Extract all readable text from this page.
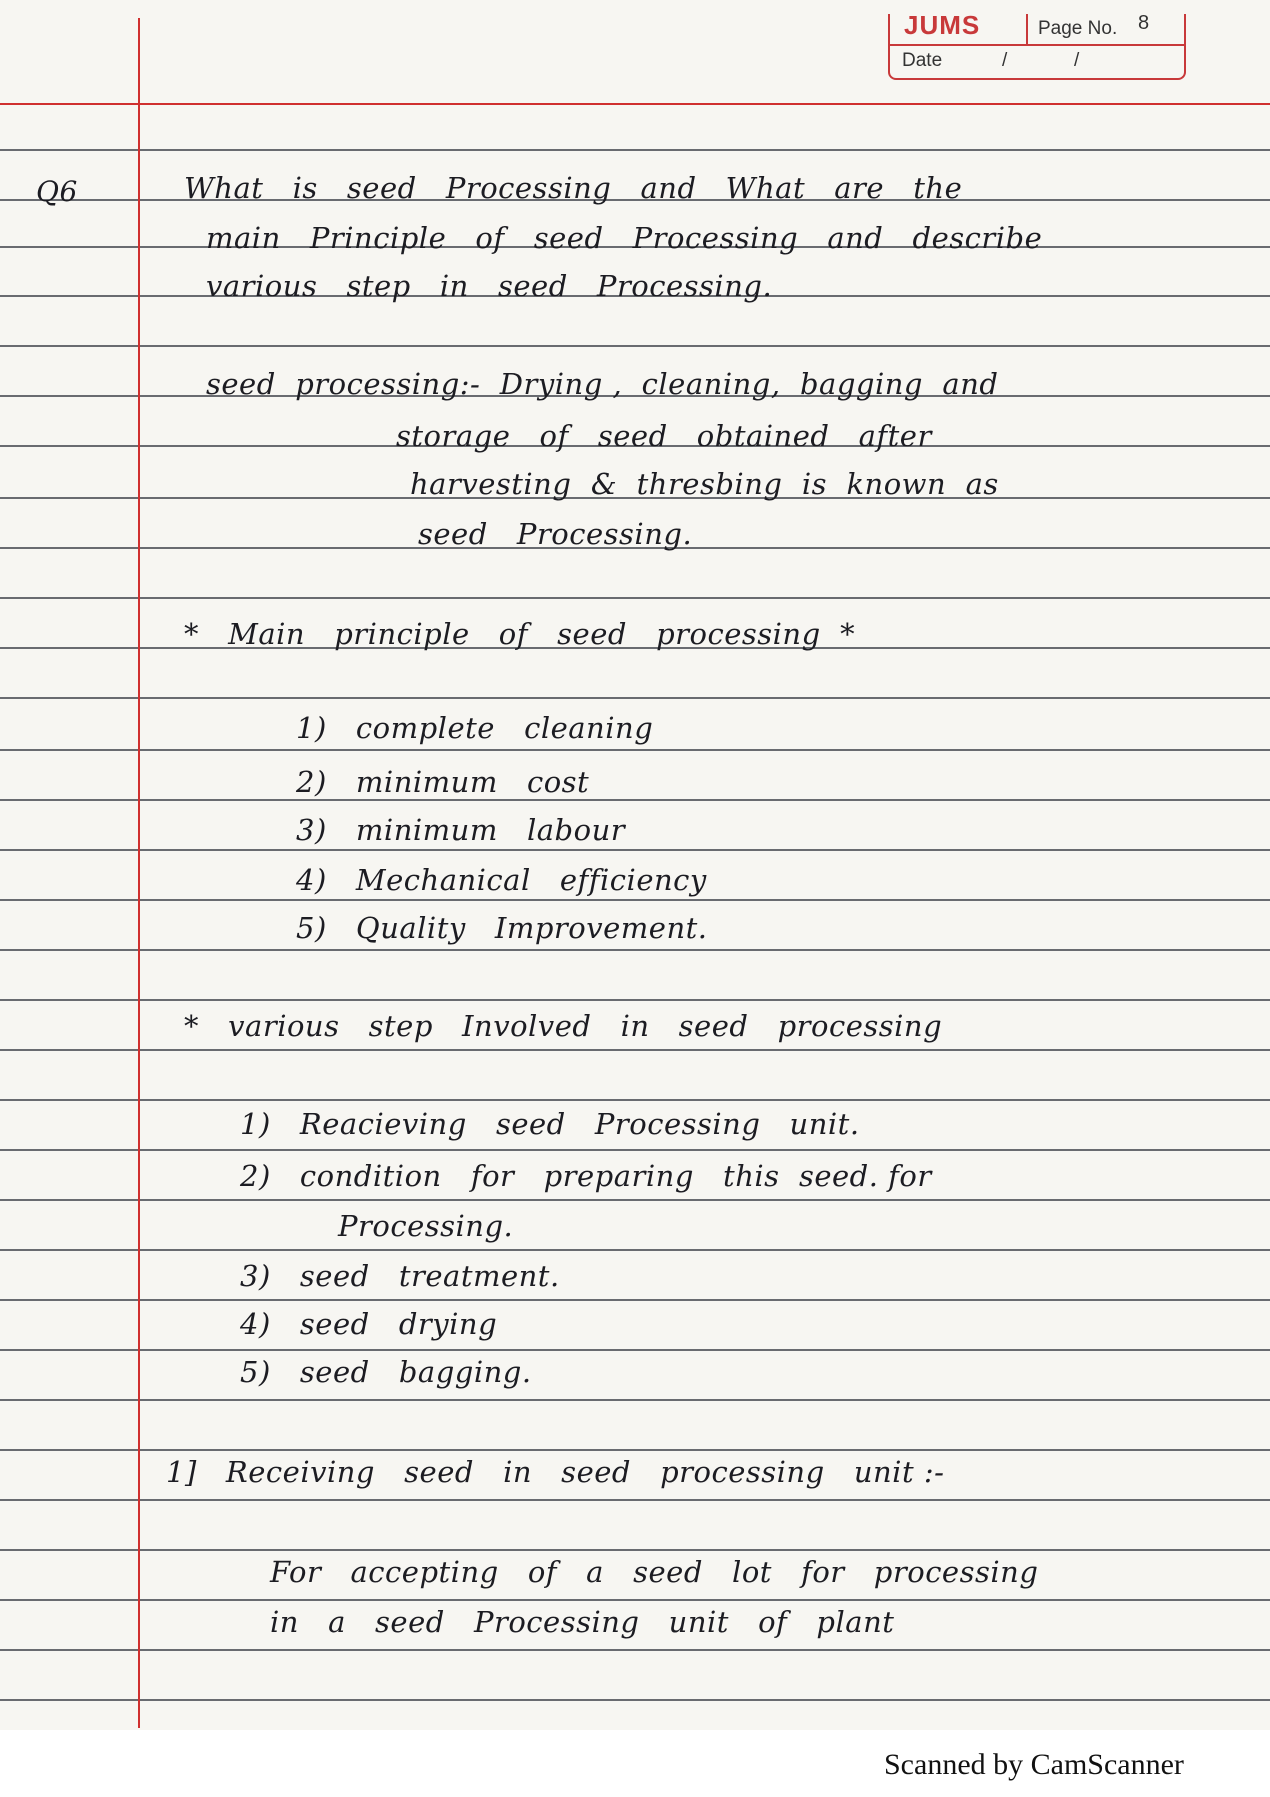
JUMS	Page No. 8
Date	/	/

Q6	What   is   seed   Processing   and   What   are   the

main   Principle   of   seed   Processing   and   describe

various   step   in   seed   Processing.

seed  processing:-  Drying ,  cleaning,  bagging  and

storage   of   seed   obtained   after

harvesting  &  thresbing  is  known  as

seed   Processing.

*   Main   principle   of   seed   processing  *

1)   complete   cleaning

2)   minimum   cost

3)   minimum   labour

4)   Mechanical   efficiency

5)   Quality   Improvement.

*   various   step   Involved   in   seed   processing

1)   Reacieving   seed   Processing   unit.

2)   condition   for   preparing   this  seed. for

Processing.

3)   seed   treatment.

4)   seed   drying

5)   seed   bagging.

1]   Receiving   seed   in   seed   processing   unit :-

For   accepting   of   a   seed   lot   for   processing

in   a   seed   Processing   unit   of   plant

Scanned by CamScanner
